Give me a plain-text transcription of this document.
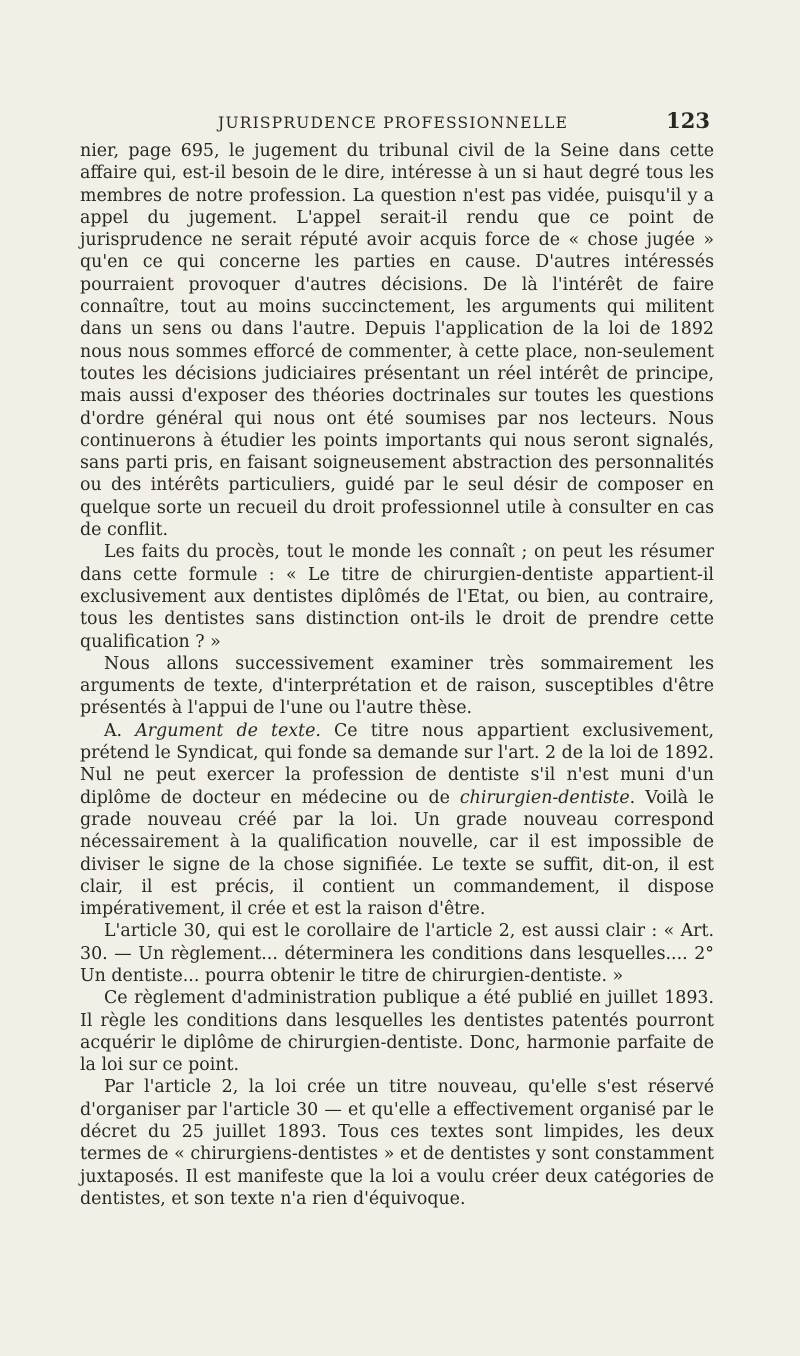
JURISPRUDENCE PROFESSIONNELLE	123

nier, page 695, le jugement du tribunal civil de la Seine dans cette affaire qui, est-il besoin de le dire, intéresse à un si haut degré tous les membres de notre profession. La question n'est pas vidée, puisqu'il y a appel du jugement. L'appel serait-il rendu que ce point de jurisprudence ne serait réputé avoir acquis force de « chose jugée » qu'en ce qui concerne les parties en cause. D'autres intéressés pourraient provoquer d'autres décisions. De là l'intérêt de faire connaître, tout au moins succinctement, les arguments qui militent dans un sens ou dans l'autre. Depuis l'application de la loi de 1892 nous nous sommes efforcé de commenter, à cette place, non-seulement toutes les décisions judiciaires présentant un réel intérêt de principe, mais aussi d'exposer des théories doctrinales sur toutes les questions d'ordre général qui nous ont été soumises par nos lecteurs. Nous continuerons à étudier les points importants qui nous seront signalés, sans parti pris, en faisant soigneusement abstraction des personnalités ou des intérêts particuliers, guidé par le seul désir de composer en quelque sorte un recueil du droit professionnel utile à consulter en cas de conflit.

Les faits du procès, tout le monde les connaît ; on peut les résumer dans cette formule : « Le titre de chirurgien-dentiste appartient-il exclusivement aux dentistes diplômés de l'Etat, ou bien, au contraire, tous les dentistes sans distinction ont-ils le droit de prendre cette qualification ? »

Nous allons successivement examiner très sommairement les arguments de texte, d'interprétation et de raison, susceptibles d'être présentés à l'appui de l'une ou l'autre thèse.

A. Argument de texte. Ce titre nous appartient exclusivement, prétend le Syndicat, qui fonde sa demande sur l'art. 2 de la loi de 1892. Nul ne peut exercer la profession de dentiste s'il n'est muni d'un diplôme de docteur en médecine ou de chirurgien-dentiste. Voilà le grade nouveau créé par la loi. Un grade nouveau correspond nécessairement à la qualification nouvelle, car il est impossible de diviser le signe de la chose signifiée. Le texte se suffit, dit-on, il est clair, il est précis, il contient un commandement, il dispose impérativement, il crée et est la raison d'être.

L'article 30, qui est le corollaire de l'article 2, est aussi clair : « Art. 30. — Un règlement... déterminera les conditions dans lesquelles.... 2° Un dentiste... pourra obtenir le titre de chirurgien-dentiste. »

Ce règlement d'administration publique a été publié en juillet 1893. Il règle les conditions dans lesquelles les dentistes patentés pourront acquérir le diplôme de chirurgien-dentiste. Donc, harmonie parfaite de la loi sur ce point.

Par l'article 2, la loi crée un titre nouveau, qu'elle s'est réservé d'organiser par l'article 30 — et qu'elle a effectivement organisé par le décret du 25 juillet 1893. Tous ces textes sont limpides, les deux termes de « chirurgiens-dentistes » et de dentistes y sont constamment juxtaposés. Il est manifeste que la loi a voulu créer deux catégories de dentistes, et son texte n'a rien d'équivoque.
